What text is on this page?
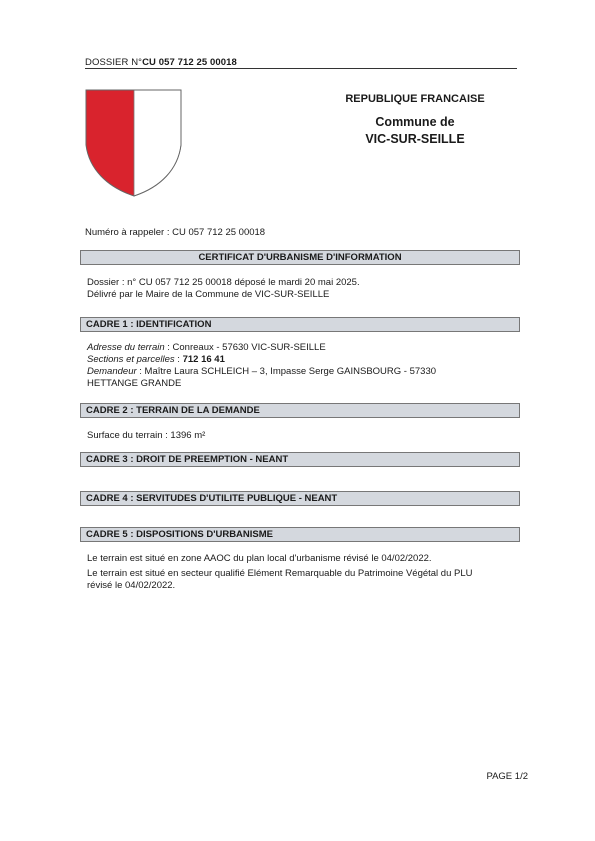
DOSSIER N°CU 057 712 25 00018
REPUBLIQUE FRANCAISE
Commune de
VIC-SUR-SEILLE
Numéro à rappeler : CU 057 712 25 00018
CERTIFICAT D'URBANISME D'INFORMATION
Dossier : n° CU 057 712 25 00018 déposé le mardi 20 mai 2025.
Délivré par le Maire de la Commune de VIC-SUR-SEILLE
CADRE 1 : IDENTIFICATION
Adresse du terrain : Conreaux - 57630 VIC-SUR-SEILLE
Sections et parcelles : 712 16 41
Demandeur : Maître Laura SCHLEICH – 3, Impasse Serge GAINSBOURG - 57330
HETTANGE GRANDE
CADRE 2 : TERRAIN DE LA DEMANDE
Surface du terrain : 1396 m²
CADRE 3 : DROIT DE PREEMPTION - NEANT
CADRE 4 : SERVITUDES D'UTILITE PUBLIQUE - NEANT
CADRE 5 : DISPOSITIONS D'URBANISME
Le terrain est situé en zone AAOC du plan local d'urbanisme révisé le 04/02/2022.
Le terrain est situé en secteur qualifié Elément Remarquable du Patrimoine Végétal du PLU
révisé le 04/02/2022.
PAGE 1/2
